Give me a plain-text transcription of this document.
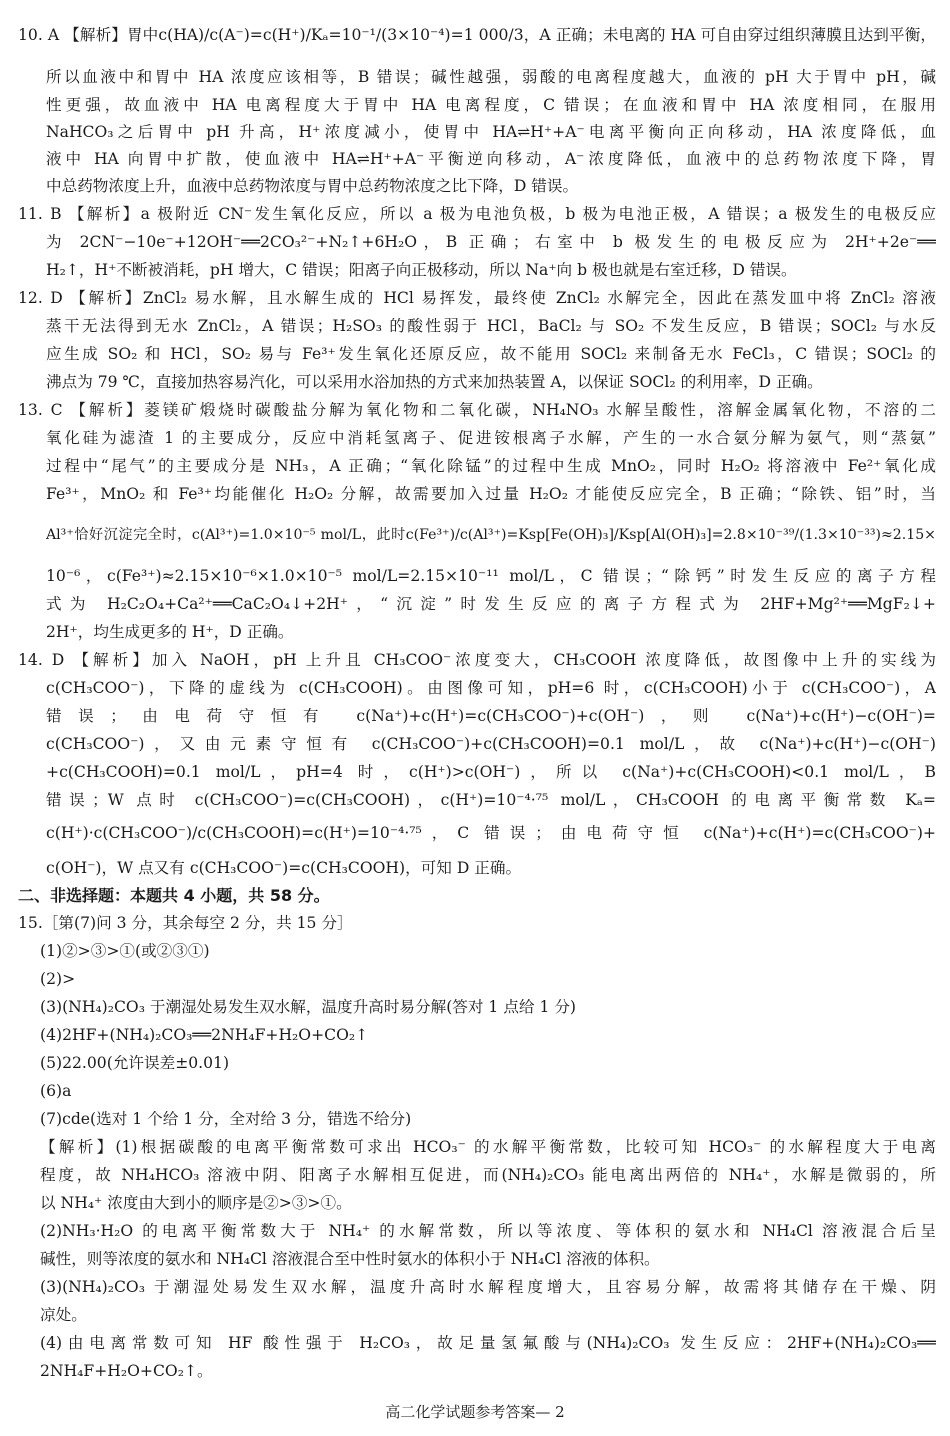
10. A 【解析】胃中c(HA)/c(A⁻)=c(H⁺)/Kₐ=10⁻¹/(3×10⁻⁴)=1 000/3，A 正确；未电离的 HA 可自由穿过组织薄膜且达到平衡，
所以血液中和胃中 HA 浓度应该相等，B 错误；碱性越强，弱酸的电离程度越大，血液的 pH 大于胃中 pH，碱
性更强，故血液中 HA 电离程度大于胃中 HA 电离程度，C 错误；在血液和胃中 HA 浓度相同，在服用
NaHCO₃之后胃中 pH 升高，H⁺浓度减小，使胃中 HA⇌H⁺+A⁻电离平衡向正向移动，HA 浓度降低，血
液中 HA 向胃中扩散，使血液中 HA⇌H⁺+A⁻平衡逆向移动，A⁻浓度降低，血液中的总药物浓度下降，胃
中总药物浓度上升，血液中总药物浓度与胃中总药物浓度之比下降，D 错误。
11. B 【解析】a 极附近 CN⁻发生氧化反应，所以 a 极为电池负极，b 极为电池正极，A 错误；a 极发生的电极反应
为 2CN⁻−10e⁻+12OH⁻══2CO₃²⁻+N₂↑+6H₂O，B 正确；右室中 b 极发生的电极反应为 2H⁺+2e⁻══
H₂↑，H⁺不断被消耗，pH 增大，C 错误；阳离子向正极移动，所以 Na⁺向 b 极也就是右室迁移，D 错误。
12. D 【解析】ZnCl₂ 易水解，且水解生成的 HCl 易挥发，最终使 ZnCl₂ 水解完全，因此在蒸发皿中将 ZnCl₂ 溶液
蒸干无法得到无水 ZnCl₂，A 错误；H₂SO₃ 的酸性弱于 HCl，BaCl₂ 与 SO₂ 不发生反应，B 错误；SOCl₂ 与水反
应生成 SO₂ 和 HCl，SO₂ 易与 Fe³⁺发生氧化还原反应，故不能用 SOCl₂ 来制备无水 FeCl₃，C 错误；SOCl₂ 的
沸点为 79 ℃，直接加热容易汽化，可以采用水浴加热的方式来加热装置 A，以保证 SOCl₂ 的利用率，D 正确。
13. C 【解析】菱镁矿煅烧时碳酸盐分解为氧化物和二氧化碳，NH₄NO₃ 水解呈酸性，溶解金属氧化物，不溶的二
氧化硅为滤渣 1 的主要成分，反应中消耗氢离子、促进铵根离子水解，产生的一水合氨分解为氨气，则“蒸氨”
过程中“尾气”的主要成分是 NH₃，A 正确；“氧化除锰”的过程中生成 MnO₂，同时 H₂O₂ 将溶液中 Fe²⁺氧化成
Fe³⁺，MnO₂ 和 Fe³⁺均能催化 H₂O₂ 分解，故需要加入过量 H₂O₂ 才能使反应完全，B 正确；“除铁、铝”时，当
Al³⁺恰好沉淀完全时，c(Al³⁺)=1.0×10⁻⁵ mol/L，此时c(Fe³⁺)/c(Al³⁺)=Ksp[Fe(OH)₃]/Ksp[Al(OH)₃]=2.8×10⁻³⁹/(1.3×10⁻³³)≈2.15×
10⁻⁶，c(Fe³⁺)≈2.15×10⁻⁶×1.0×10⁻⁵ mol/L=2.15×10⁻¹¹ mol/L，C 错误；“除钙”时发生反应的离子方程
式为 H₂C₂O₄+Ca²⁺══CaC₂O₄↓+2H⁺，“沉淀”时发生反应的离子方程式为 2HF+Mg²⁺══MgF₂↓+
2H⁺，均生成更多的 H⁺，D 正确。
14. D 【解析】加入 NaOH，pH 上升且 CH₃COO⁻浓度变大，CH₃COOH 浓度降低，故图像中上升的实线为
c(CH₃COO⁻)，下降的虚线为 c(CH₃COOH)。由图像可知，pH=6 时，c(CH₃COOH)小于 c(CH₃COO⁻)，A
错误；由电荷守恒有 c(Na⁺)+c(H⁺)=c(CH₃COO⁻)+c(OH⁻)，则 c(Na⁺)+c(H⁺)−c(OH⁻)=
c(CH₃COO⁻)，又由元素守恒有 c(CH₃COO⁻)+c(CH₃COOH)=0.1 mol/L，故 c(Na⁺)+c(H⁺)−c(OH⁻)
+c(CH₃COOH)=0.1 mol/L，pH=4 时，c(H⁺)>c(OH⁻)，所以 c(Na⁺)+c(CH₃COOH)<0.1 mol/L，B
错误；W 点时 c(CH₃COO⁻)=c(CH₃COOH)，c(H⁺)=10⁻⁴·⁷⁵ mol/L，CH₃COOH 的电离平衡常数 Kₐ=
c(H⁺)·c(CH₃COO⁻)/c(CH₃COOH)=c(H⁺)=10⁻⁴·⁷⁵，C 错误；由电荷守恒 c(Na⁺)+c(H⁺)=c(CH₃COO⁻)+
c(OH⁻)，W 点又有 c(CH₃COO⁻)=c(CH₃COOH)，可知 D 正确。
二、非选择题：本题共 4 小题，共 58 分。
15.［第(7)问 3 分，其余每空 2 分，共 15 分］
(1)②>③>①(或②③①)
(2)>
(3)(NH₄)₂CO₃ 于潮湿处易发生双水解，温度升高时易分解(答对 1 点给 1 分)
(4)2HF+(NH₄)₂CO₃══2NH₄F+H₂O+CO₂↑
(5)22.00(允许误差±0.01)
(6)a
(7)cde(选对 1 个给 1 分，全对给 3 分，错选不给分)
【解析】(1)根据碳酸的电离平衡常数可求出 HCO₃⁻ 的水解平衡常数，比较可知 HCO₃⁻ 的水解程度大于电离
程度，故 NH₄HCO₃ 溶液中阴、阳离子水解相互促进，而(NH₄)₂CO₃ 能电离出两倍的 NH₄⁺，水解是微弱的，所
以 NH₄⁺ 浓度由大到小的顺序是②>③>①。
(2)NH₃·H₂O 的电离平衡常数大于 NH₄⁺ 的水解常数，所以等浓度、等体积的氨水和 NH₄Cl 溶液混合后呈
碱性，则等浓度的氨水和 NH₄Cl 溶液混合至中性时氨水的体积小于 NH₄Cl 溶液的体积。
(3)(NH₄)₂CO₃ 于潮湿处易发生双水解，温度升高时水解程度增大，且容易分解，故需将其储存在干燥、阴
凉处。
(4)由电离常数可知 HF 酸性强于 H₂CO₃，故足量氢氟酸与(NH₄)₂CO₃ 发生反应：2HF+(NH₄)₂CO₃══
2NH₄F+H₂O+CO₂↑。
高二化学试题参考答案— 2
